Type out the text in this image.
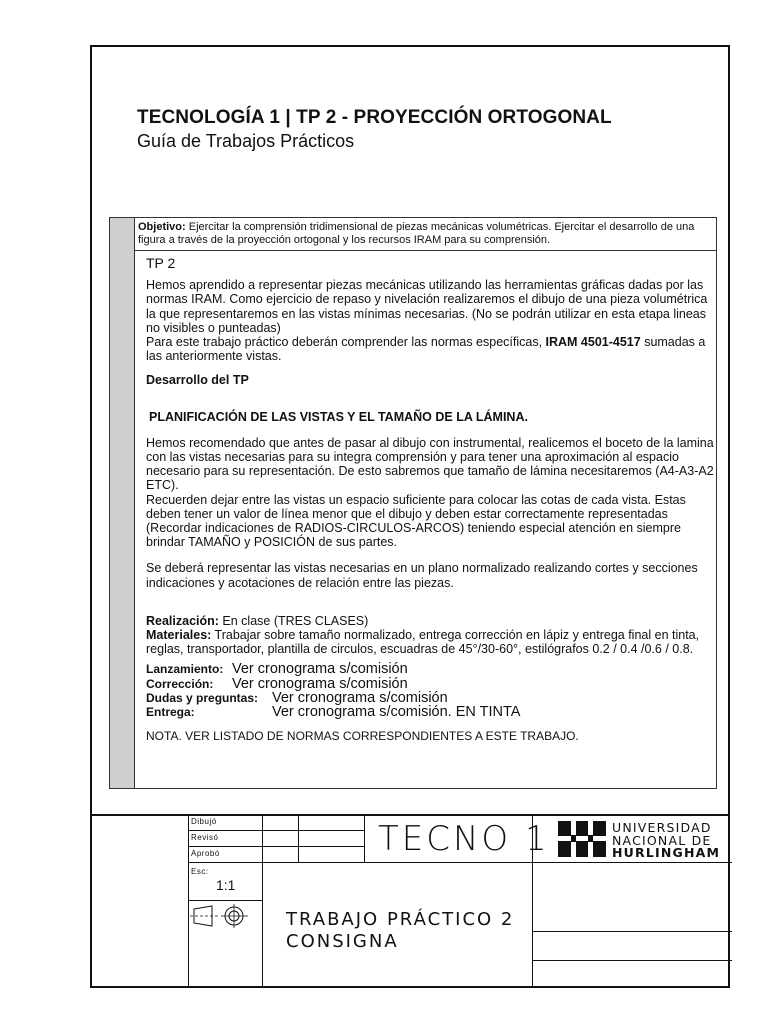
TECNOLOGÍA 1 | TP 2 - PROYECCIÓN ORTOGONAL
Guía de Trabajos Prácticos
Objetivo: Ejercitar la comprensión tridimensional de piezas mecánicas volumétricas. Ejercitar el desarrollo de una figura a través de la proyección ortogonal y los recursos IRAM para su comprensión.

TP 2

Hemos aprendido a representar piezas mecánicas utilizando las herramientas gráficas dadas por las normas IRAM. Como ejercicio de repaso y nivelación realizaremos el dibujo de una pieza volumétrica la que representaremos en las vistas mínimas necesarias. (No se podrán utilizar en esta etapa lineas no visibles o punteadas)

Para este trabajo práctico deberán comprender las normas específicas, IRAM 4501-4517 sumadas a las anteriormente vistas.

Desarrollo del TP

PLANIFICACIÓN DE LAS VISTAS Y EL TAMAÑO DE LA LÁMINA.

Hemos recomendado que antes de pasar al dibujo con instrumental, realicemos el boceto de la lamina con las vistas necesarias para su integra comprensión y para tener una aproximación al espacio necesario para su representación. De esto sabremos que tamaño de lámina necesitaremos (A4-A3-A2 ETC).

Recuerden dejar entre las vistas un espacio suficiente para colocar las cotas de cada vista. Estas deben tener un valor de línea menor que el dibujo y deben estar correctamente representadas (Recordar indicaciones de RADIOS-CIRCULOS-ARCOS) teniendo especial atención en siempre brindar TAMAÑO y POSICIÓN de sus partes.

Se deberá representar las vistas necesarias en un plano normalizado realizando cortes y secciones indicaciones y acotaciones de relación entre las piezas.

Realización: En clase (TRES CLASES)

Materiales: Trabajar sobre tamaño normalizado, entrega corrección en lápiz y entrega final en tinta, reglas, transportador, plantilla de circulos, escuadras de 45°/30-60°, estilógrafos 0.2 / 0.4 /0.6 / 0.8.

Lanzamiento: Ver cronograma s/comisión
Corrección:	Ver cronograma s/comisión
Dudas y preguntas: Ver cronograma s/comisión
Entrega:	Ver cronograma s/comisión. EN TINTA

NOTA. VER LISTADO DE NORMAS CORRESPONDIENTES A ESTE TRABAJO.

Dibujó
Revisó
Aprobó	TECNO 1	UNIVERSIDAD
NACIONAL DE
HURLINGHAM
Esc:
1:1
TRABAJO PRÁCTICO 2
CONSIGNA
